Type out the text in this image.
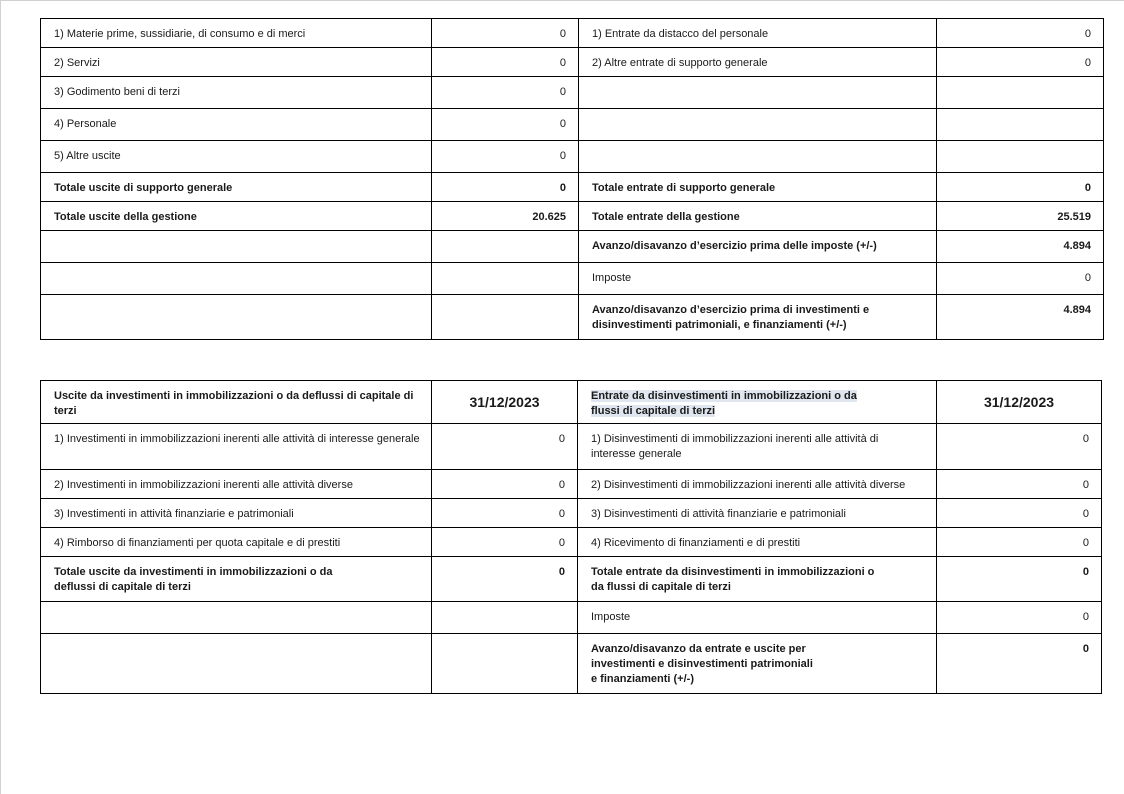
1) Materie prime, sussidiarie, di consumo e di merci	0	1) Entrate da distacco del personale	0
2) Servizi	0	2) Altre entrate di supporto generale	0
3) Godimento beni di terzi	0		
4) Personale	0		
5) Altre uscite	0		
Totale uscite di supporto generale	0	Totale entrate di supporto generale	0
Totale uscite della gestione	20.625	Totale entrate della gestione	25.519
		Avanzo/disavanzo d’esercizio prima delle imposte (+/-)	4.894
		Imposte	0
		Avanzo/disavanzo d’esercizio prima di investimenti e disinvestimenti patrimoniali, e finanziamenti (+/-)	4.894
Uscite da investimenti in immobilizzazioni o da deflussi di capitale di terzi	31/12/2023	Entrate da disinvestimenti in immobilizzazioni o da flussi di capitale di terzi	31/12/2023
1) Investimenti in immobilizzazioni inerenti alle attività di interesse generale	0	1) Disinvestimenti di immobilizzazioni inerenti alle attività di interesse generale	0
2) Investimenti in immobilizzazioni inerenti alle attività diverse	0	2) Disinvestimenti di immobilizzazioni inerenti alle attività diverse	0
3) Investimenti in attività finanziarie e patrimoniali	0	3) Disinvestimenti di attività finanziarie e patrimoniali	0
4) Rimborso di finanziamenti per quota capitale e di prestiti	0	4) Ricevimento di finanziamenti e di prestiti	0
Totale uscite da investimenti in immobilizzazioni o da deflussi di capitale di terzi	0	Totale entrate da disinvestimenti in immobilizzazioni o da flussi di capitale di terzi	0
		Imposte	0
		Avanzo/disavanzo da entrate e uscite per investimenti e disinvestimenti patrimoniali e finanziamenti (+/-)	0
